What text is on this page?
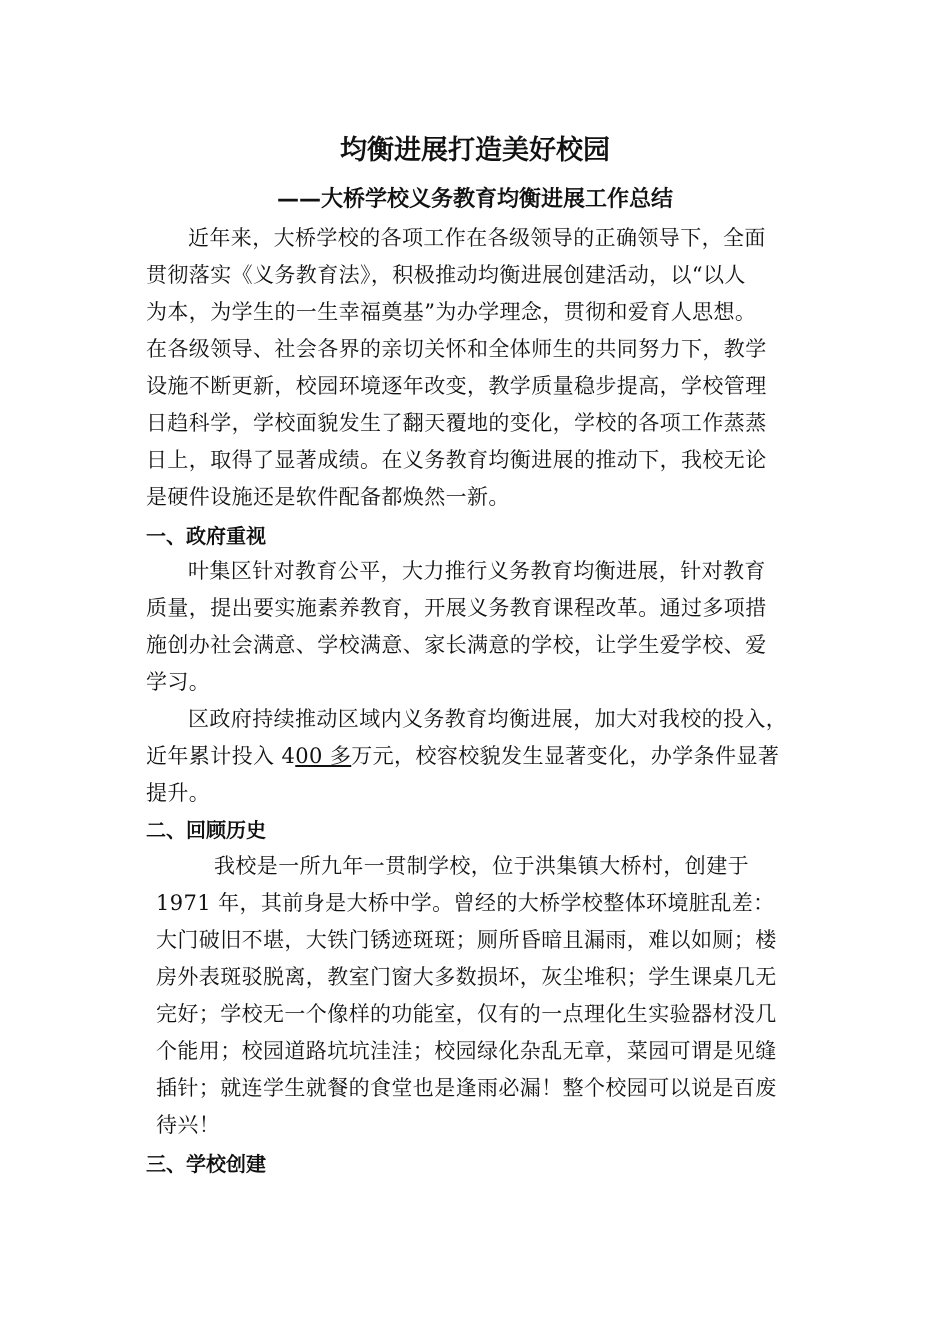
均衡进展打造美好校园
——大桥学校义务教育均衡进展工作总结
近年来，大桥学校的各项工作在各级领导的正确领导下，全面
贯彻落实《义务教育法》，积极推动均衡进展创建活动，以“以人
为本，为学生的一生幸福奠基”为办学理念，贯彻和爱育人思想。
在各级领导、社会各界的亲切关怀和全体师生的共同努力下，教学
设施不断更新，校园环境逐年改变，教学质量稳步提高，学校管理
日趋科学，学校面貌发生了翻天覆地的变化，学校的各项工作蒸蒸
日上，取得了显著成绩。在义务教育均衡进展的推动下，我校无论
是硬件设施还是软件配备都焕然一新。
一、政府重视
叶集区针对教育公平，大力推行义务教育均衡进展，针对教育
质量，提出要实施素养教育，开展义务教育课程改革。通过多项措
施创办社会满意、学校满意、家长满意的学校，让学生爱学校、爱
学习。
区政府持续推动区域内义务教育均衡进展，加大对我校的投入，
近年累计投入 400 多万元，校容校貌发生显著变化，办学条件显著
提升。
二、回顾历史
我校是一所九年一贯制学校，位于洪集镇大桥村，创建于
1971 年，其前身是大桥中学。曾经的大桥学校整体环境脏乱差：
大门破旧不堪，大铁门锈迹斑斑；厕所昏暗且漏雨，难以如厕；楼
房外表斑驳脱离，教室门窗大多数损坏，灰尘堆积；学生课桌几无
完好；学校无一个像样的功能室，仅有的一点理化生实验器材没几
个能用；校园道路坑坑洼洼；校园绿化杂乱无章，菜园可谓是见缝
插针；就连学生就餐的食堂也是逢雨必漏！整个校园可以说是百废
待兴！
三、学校创建
